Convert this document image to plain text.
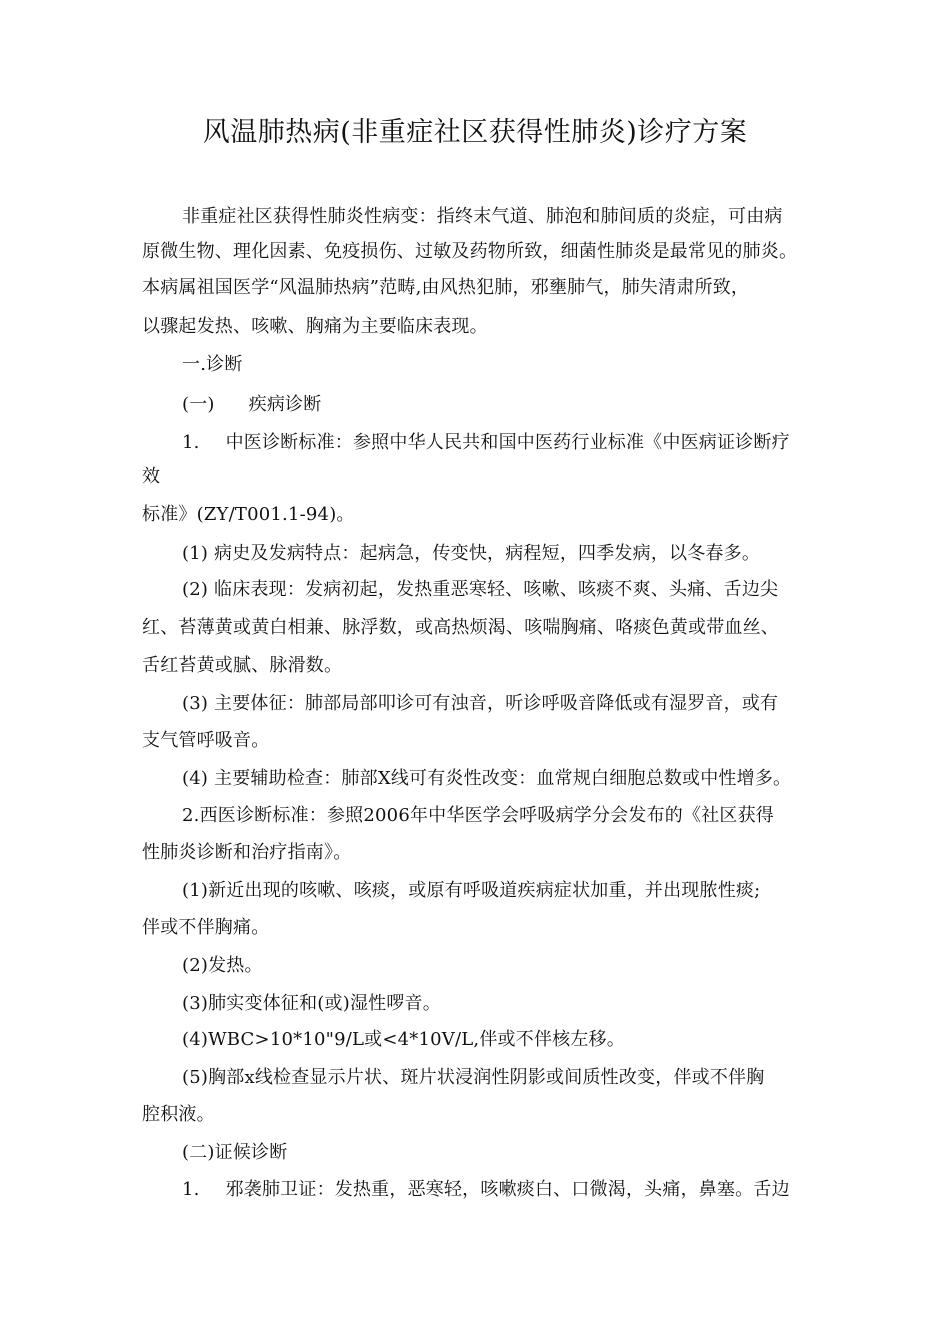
风温肺热病(非重症社区获得性肺炎)诊疗方案
非重症社区获得性肺炎性病变：指终末气道、肺泡和肺间质的炎症，可由病
原微生物、理化因素、免疫损伤、过敏及药物所致，细菌性肺炎是最常见的肺炎。
本病属祖国医学“风温肺热病”范畴,由风热犯肺，邪壅肺气，肺失清肃所致，
以骤起发热、咳嗽、胸痛为主要临床表现。
一.诊断
(一) 疾病诊断
1. 中医诊断标准：参照中华人民共和国中医药行业标准《中医病证诊断疗
效
标准》(ZY/T001.1-94)。
(1) 病史及发病特点：起病急，传变快，病程短，四季发病，以冬春多。
(2) 临床表现：发病初起，发热重恶寒轻、咳嗽、咳痰不爽、头痛、舌边尖
红、苔薄黄或黄白相兼、脉浮数，或高热烦渴、咳喘胸痛、咯痰色黄或带血丝、
舌红苔黄或腻、脉滑数。
(3) 主要体征：肺部局部叩诊可有浊音，听诊呼吸音降低或有湿罗音，或有
支气管呼吸音。
(4) 主要辅助检查：肺部X线可有炎性改变：血常规白细胞总数或中性增多。
2.西医诊断标准：参照2006年中华医学会呼吸病学分会发布的《社区获得
性肺炎诊断和治疗指南》。
(1)新近出现的咳嗽、咳痰，或原有呼吸道疾病症状加重，并出现脓性痰;
伴或不伴胸痛。
(2)发热。
(3)肺实变体征和(或)湿性啰音。
(4)WBC>10*10"9/L或<4*10V/L,伴或不伴核左移。
(5)胸部x线检查显示片状、斑片状浸润性阴影或间质性改变，伴或不伴胸
腔积液。
(二)证候诊断
1. 邪袭肺卫证：发热重，恶寒轻，咳嗽痰白、口微渴，头痛，鼻塞。舌边
